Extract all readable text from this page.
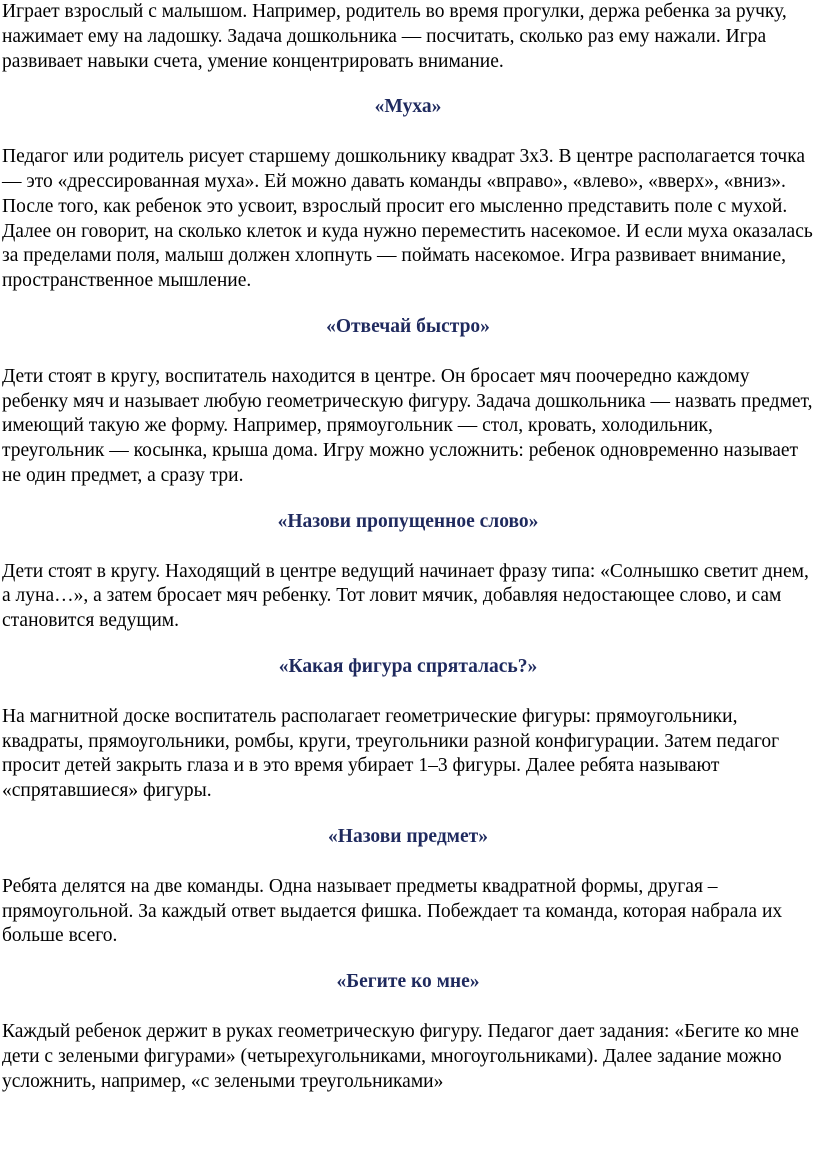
Играет взрослый с малышом. Например, родитель во время прогулки, держа ребенка за ручку, нажимает ему на ладошку. Задача дошкольника — посчитать, сколько раз ему нажали. Игра развивает навыки счета, умение концентрировать внимание.

«Муха»

Педагог или родитель рисует старшему дошкольнику квадрат 3х3. В центре располагается точка — это «дрессированная муха». Ей можно давать команды «вправо», «влево», «вверх», «вниз». После того, как ребенок это усвоит, взрослый просит его мысленно представить поле с мухой. Далее он говорит, на сколько клеток и куда нужно переместить насекомое. И если муха оказалась за пределами поля, малыш должен хлопнуть — поймать насекомое. Игра развивает внимание, пространственное мышление.

«Отвечай быстро»

Дети стоят в кругу, воспитатель находится в центре. Он бросает мяч поочередно каждому ребенку мяч и называет любую геометрическую фигуру. Задача дошкольника — назвать предмет, имеющий такую же форму. Например, прямоугольник — стол, кровать, холодильник, треугольник — косынка, крыша дома. Игру можно усложнить: ребенок одновременно называет не один предмет, а сразу три.

«Назови пропущенное слово»

Дети стоят в кругу. Находящий в центре ведущий начинает фразу типа: «Солнышко светит днем, а луна…», а затем бросает мяч ребенку. Тот ловит мячик, добавляя недостающее слово, и сам становится ведущим.

«Какая фигура спряталась?»

На магнитной доске воспитатель располагает геометрические фигуры: прямоугольники, квадраты, прямоугольники, ромбы, круги, треугольники разной конфигурации. Затем педагог просит детей закрыть глаза и в это время убирает 1–3 фигуры. Далее ребята называют «спрятавшиеся» фигуры.

«Назови предмет»

Ребята делятся на две команды. Одна называет предметы квадратной формы, другая – прямоугольной. За каждый ответ выдается фишка. Побеждает та команда, которая набрала их больше всего.

«Бегите ко мне»

Каждый ребенок держит в руках геометрическую фигуру. Педагог дает задания: «Бегите ко мне дети с зелеными фигурами» (четырехугольниками, многоугольниками). Далее задание можно усложнить, например, «с зелеными треугольниками»
